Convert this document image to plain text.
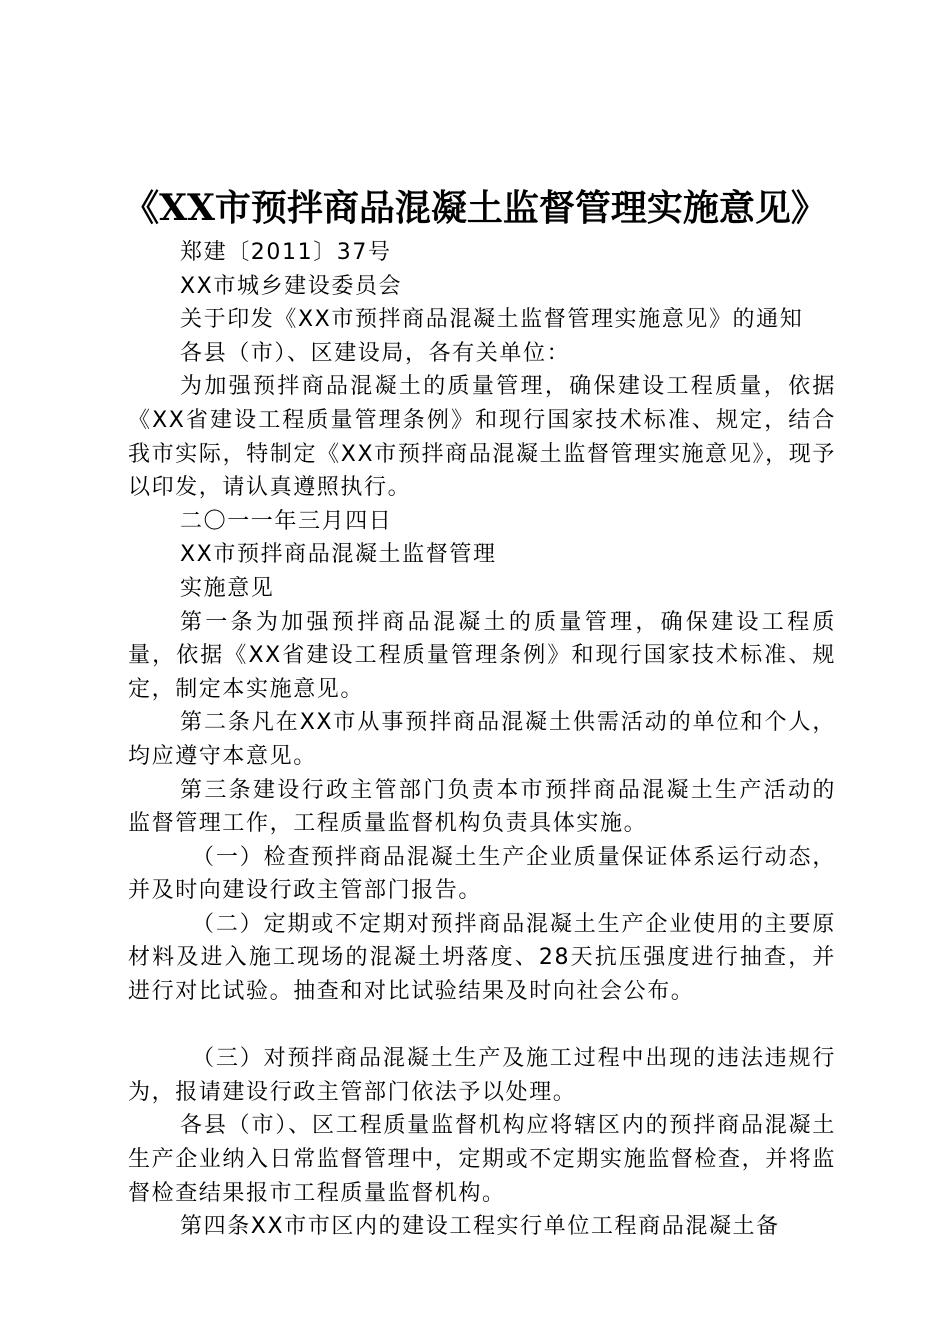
《XX市预拌商品混凝土监督管理实施意见》

郑建〔2011〕37号

XX市城乡建设委员会

关于印发《XX市预拌商品混凝土监督管理实施意见》的通知

各县（市）、区建设局，各有关单位：

为加强预拌商品混凝土的质量管理，确保建设工程质量，依据《XX省建设工程质量管理条例》和现行国家技术标准、规定，结合我市实际，特制定《XX市预拌商品混凝土监督管理实施意见》，现予以印发，请认真遵照执行。

二〇一一年三月四日

XX市预拌商品混凝土监督管理

实施意见

第一条为加强预拌商品混凝土的质量管理，确保建设工程质量，依据《XX省建设工程质量管理条例》和现行国家技术标准、规定，制定本实施意见。

第二条凡在XX市从事预拌商品混凝土供需活动的单位和个人，均应遵守本意见。

第三条建设行政主管部门负责本市预拌商品混凝土生产活动的监督管理工作，工程质量监督机构负责具体实施。

（一）检查预拌商品混凝土生产企业质量保证体系运行动态，并及时向建设行政主管部门报告。

（二）定期或不定期对预拌商品混凝土生产企业使用的主要原材料及进入施工现场的混凝土坍落度、28天抗压强度进行抽查，并进行对比试验。抽查和对比试验结果及时向社会公布。

（三）对预拌商品混凝土生产及施工过程中出现的违法违规行为，报请建设行政主管部门依法予以处理。

各县（市）、区工程质量监督机构应将辖区内的预拌商品混凝土生产企业纳入日常监督管理中，定期或不定期实施监督检查，并将监督检查结果报市工程质量监督机构。

第四条XX市市区内的建设工程实行单位工程商品混凝土备
